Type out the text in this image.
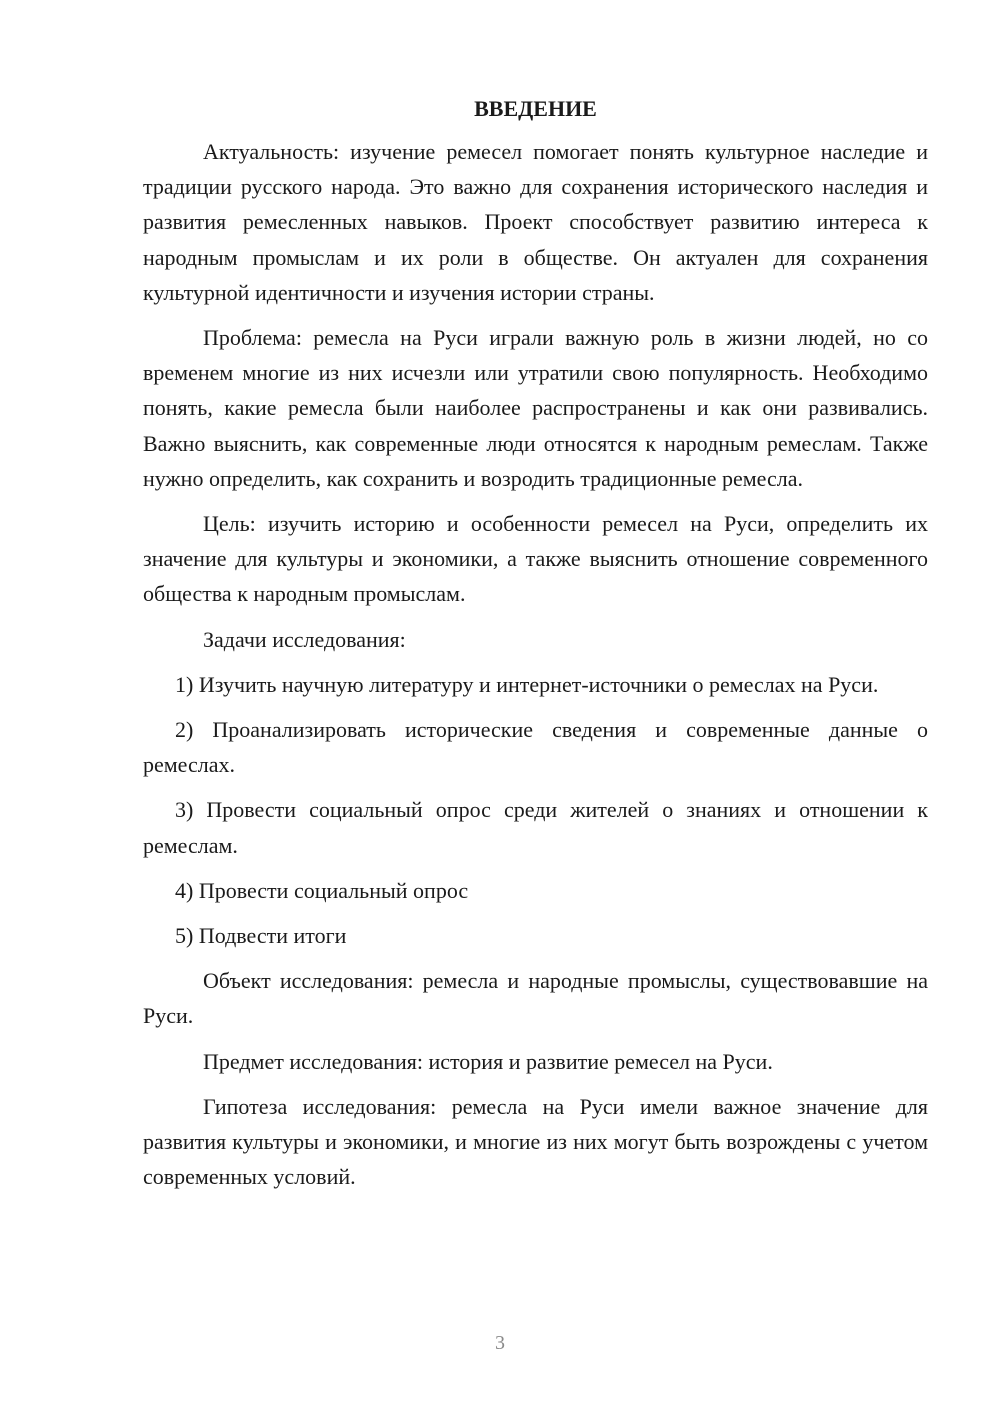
ВВЕДЕНИЕ

Актуальность: изучение ремесел помогает понять культурное наследие и традиции русского народа. Это важно для сохранения исторического наследия и развития ремесленных навыков. Проект способствует развитию интереса к народным промыслам и их роли в обществе. Он актуален для сохранения культурной идентичности и изучения истории страны.

Проблема: ремесла на Руси играли важную роль в жизни людей, но со временем многие из них исчезли или утратили свою популярность. Необходимо понять, какие ремесла были наиболее распространены и как они развивались. Важно выяснить, как современные люди относятся к народным ремеслам. Также нужно определить, как сохранить и возродить традиционные ремесла.

Цель: изучить историю и особенности ремесел на Руси, определить их значение для культуры и экономики, а также выяснить отношение современного общества к народным промыслам.

Задачи исследования:

1) Изучить научную литературу и интернет-источники о ремеслах на Руси.

2) Проанализировать исторические сведения и современные данные о ремеслах.

3) Провести социальный опрос среди жителей о знаниях и отношении к ремеслам.

4) Провести социальный опрос

5) Подвести итоги

Объект исследования: ремесла и народные промыслы, существовавшие на Руси.

Предмет исследования: история и развитие ремесел на Руси.

Гипотеза исследования: ремесла на Руси имели важное значение для развития культуры и экономики, и многие из них могут быть возрождены с учетом современных условий.

3
